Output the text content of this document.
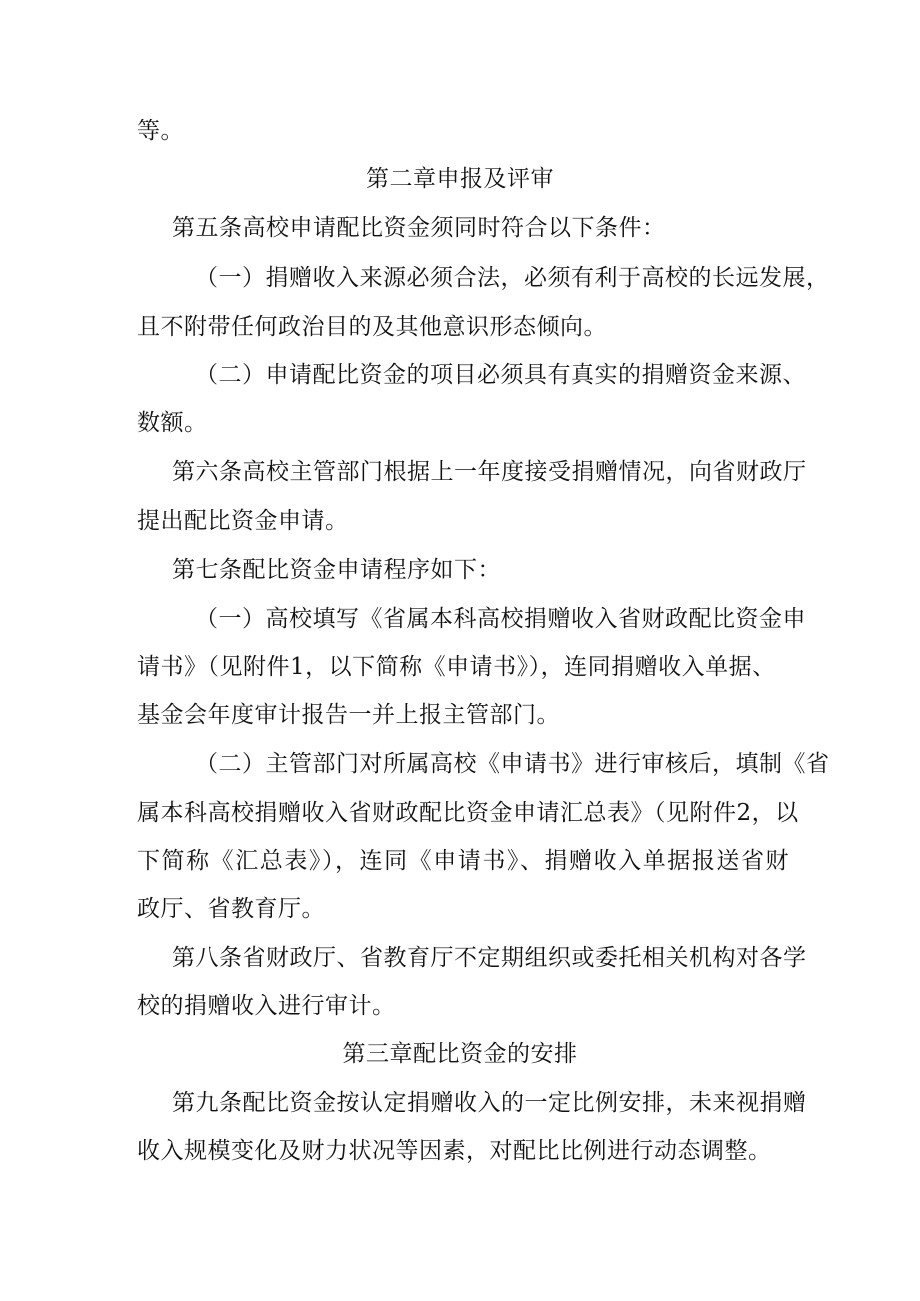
等。
第二章申报及评审
第五条高校申请配比资金须同时符合以下条件：
（一）捐赠收入来源必须合法，必须有利于高校的长远发展，
且不附带任何政治目的及其他意识形态倾向。
（二）申请配比资金的项目必须具有真实的捐赠资金来源、
数额。
第六条高校主管部门根据上一年度接受捐赠情况，向省财政厅
提出配比资金申请。
第七条配比资金申请程序如下：
（一）高校填写《省属本科高校捐赠收入省财政配比资金申
请书》（见附件1，以下简称《申请书》），连同捐赠收入单据、
基金会年度审计报告一并上报主管部门。
（二）主管部门对所属高校《申请书》进行审核后，填制《省
属本科高校捐赠收入省财政配比资金申请汇总表》（见附件2，以
下简称《汇总表》），连同《申请书》、捐赠收入单据报送省财
政厅、省教育厅。
第八条省财政厅、省教育厅不定期组织或委托相关机构对各学
校的捐赠收入进行审计。
第三章配比资金的安排
第九条配比资金按认定捐赠收入的一定比例安排，未来视捐赠
收入规模变化及财力状况等因素，对配比比例进行动态调整。
